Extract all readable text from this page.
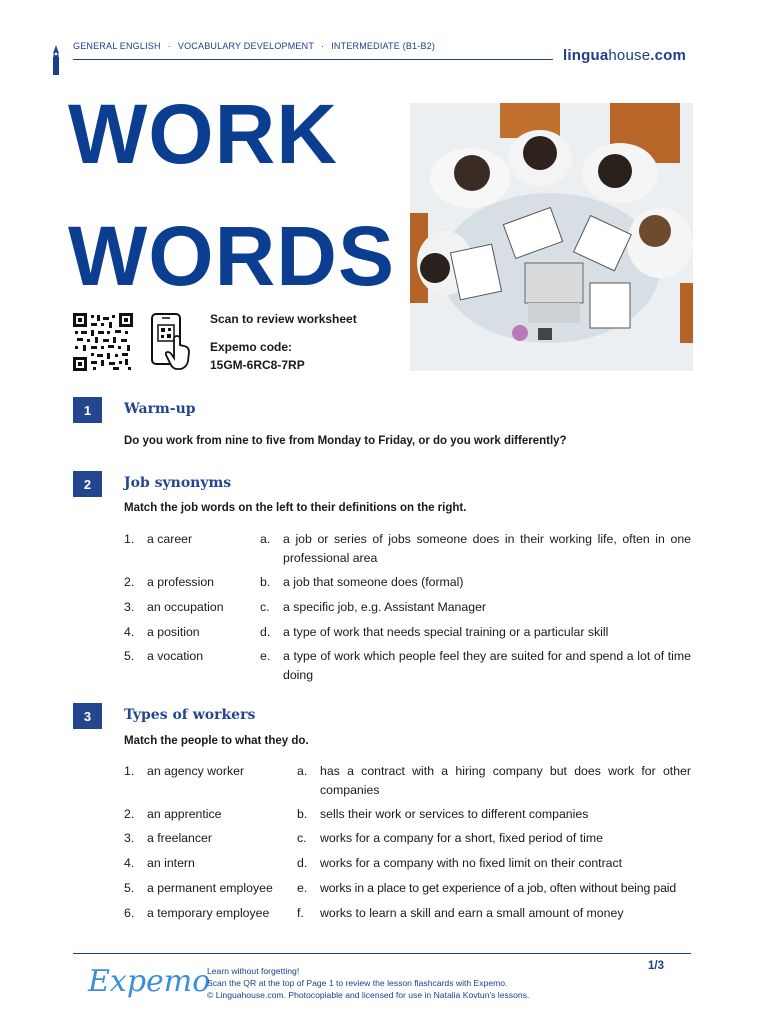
GENERAL ENGLISH · VOCABULARY DEVELOPMENT · INTERMEDIATE (B1-B2)
linguahouse.com
WORK
WORDS
Scan to review worksheet
Expemo code:
15GM-6RC8-7RP
1	Warm-up
Do you work from nine to five from Monday to Friday, or do you work differently?
2	Job synonyms
Match the job words on the left to their definitions on the right.
1. a career	a. a job or series of jobs someone does in their working life, often in one professional area
2. a profession	b. a job that someone does (formal)
3. an occupation	c. a specific job, e.g. Assistant Manager
4. a position	d. a type of work that needs special training or a particular skill
5. a vocation	e. a type of work which people feel they are suited for and spend a lot of time doing
3	Types of workers
Match the people to what they do.
1. an agency worker	a. has a contract with a hiring company but does work for other companies
2. an apprentice	b. sells their work or services to different companies
3. a freelancer	c. works for a company for a short, fixed period of time
4. an intern	d. works for a company with no fixed limit on their contract
5. a permanent employee e. works in a place to get experience of a job, often without being paid
6. a temporary employee f. works to learn a skill and earn a small amount of money
Expemo
Learn without forgetting!
Scan the QR at the top of Page 1 to review the lesson flashcards with Expemo.
© Linguahouse.com. Photocopiable and licensed for use in Natalia Kovtun's lessons.
1/3
